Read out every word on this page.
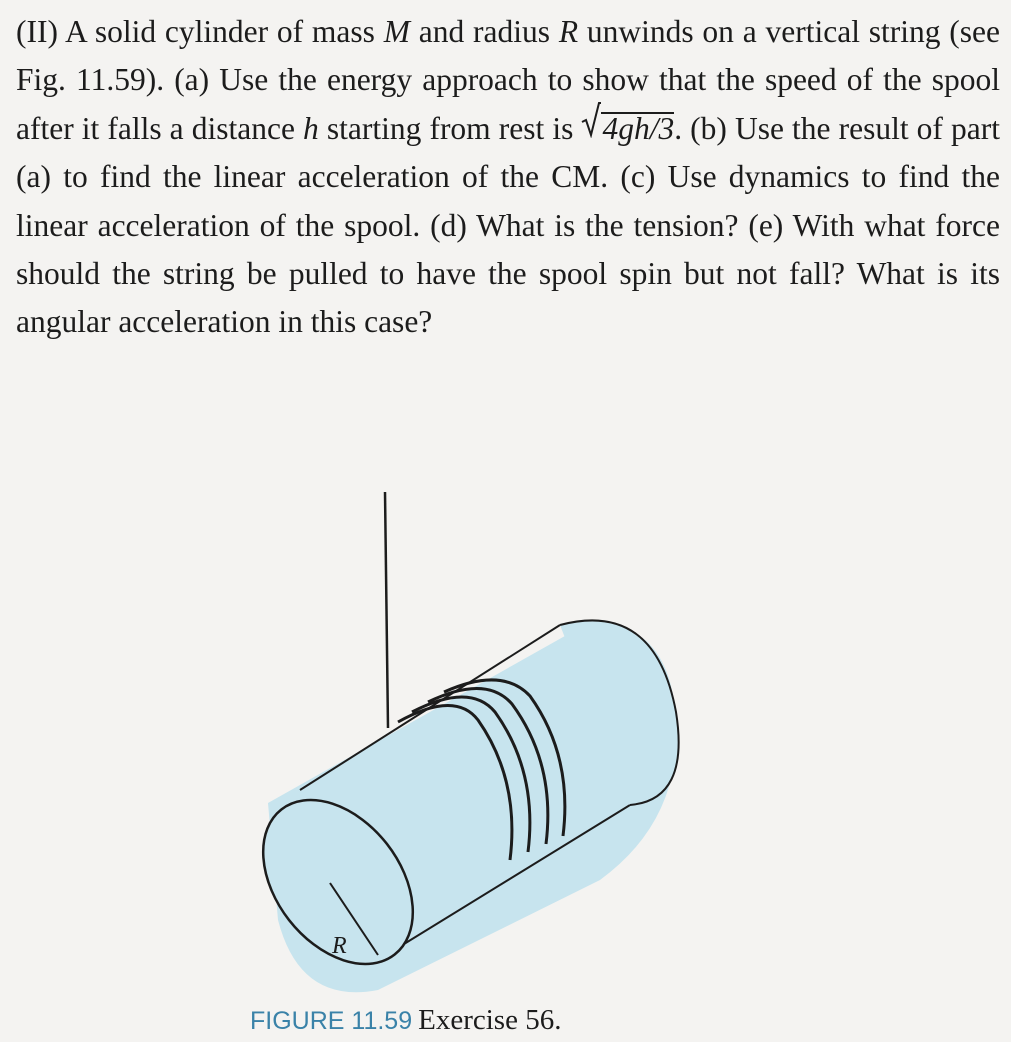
(II) A solid cylinder of mass M and radius R unwinds on a vertical string (see Fig. 11.59). (a) Use the energy approach to show that the speed of the spool after it falls a distance h starting from rest is
4gh/3. (b) Use the result of part (a) to find the linear acceleration of the CM. (c) Use dynamics to find the linear acceleration of the spool. (d) What is the tension? (e) With what force should the string be pulled to have the spool spin but not fall? What is its angular acceleration in this case?
R
FIGURE 11.59 Exercise 56.
